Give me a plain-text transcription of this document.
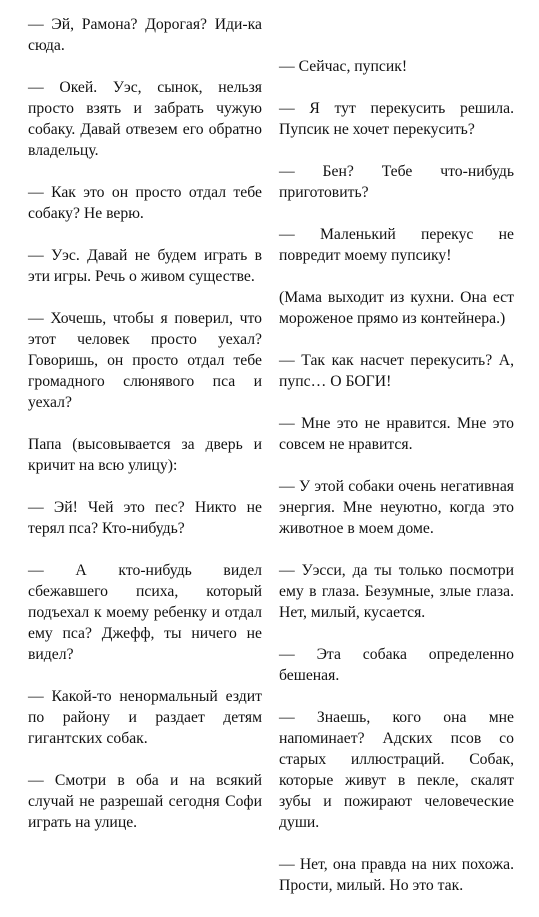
— Эй, Рамона? Дорогая? Иди-ка сюда.

— Окей. Уэс, сынок, нельзя просто взять и забрать чужую собаку. Давай отвезем его обратно владельцу.

— Как это он просто отдал тебе собаку? Не верю.

— Уэс. Давай не будем играть в эти игры. Речь о живом существе.

— Хочешь, чтобы я поверил, что этот человек просто уехал? Говоришь, он просто отдал тебе громадного слюнявого пса и уехал?

Папа (высовывается за дверь и кричит на всю улицу):

— Эй! Чей это пес? Никто не терял пса? Кто-нибудь?

— А кто-нибудь видел сбежавшего психа, который подъехал к моему ребенку и отдал ему пса? Джефф, ты ничего не видел?

— Какой-то ненормальный ездит по району и раздает детям гигантских собак.

— Смотри в оба и на всякий случай не разрешай сегодня Софи играть на улице.

— Сейчас, пупсик!

— Я тут перекусить решила. Пупсик не хочет перекусить?

— Бен? Тебе что-нибудь приготовить?

— Маленький перекус не повредит моему пупсику!

(Мама выходит из кухни. Она ест мороженое прямо из контейнера.)

— Так как насчет перекусить? А, пупс… О БОГИ!

— Мне это не нравится. Мне это совсем не нравится.

— У этой собаки очень негативная энергия. Мне неуютно, когда это животное в моем доме.

— Уэсси, да ты только посмотри ему в глаза. Безумные, злые глаза. Нет, милый, кусается.

— Эта собака определенно бешеная.

— Знаешь, кого она мне напоминает? Адских псов со старых иллюстраций. Собак, которые живут в пекле, скалят зубы и пожирают человеческие души.

— Нет, она правда на них похожа. Прости, милый. Но это так.
